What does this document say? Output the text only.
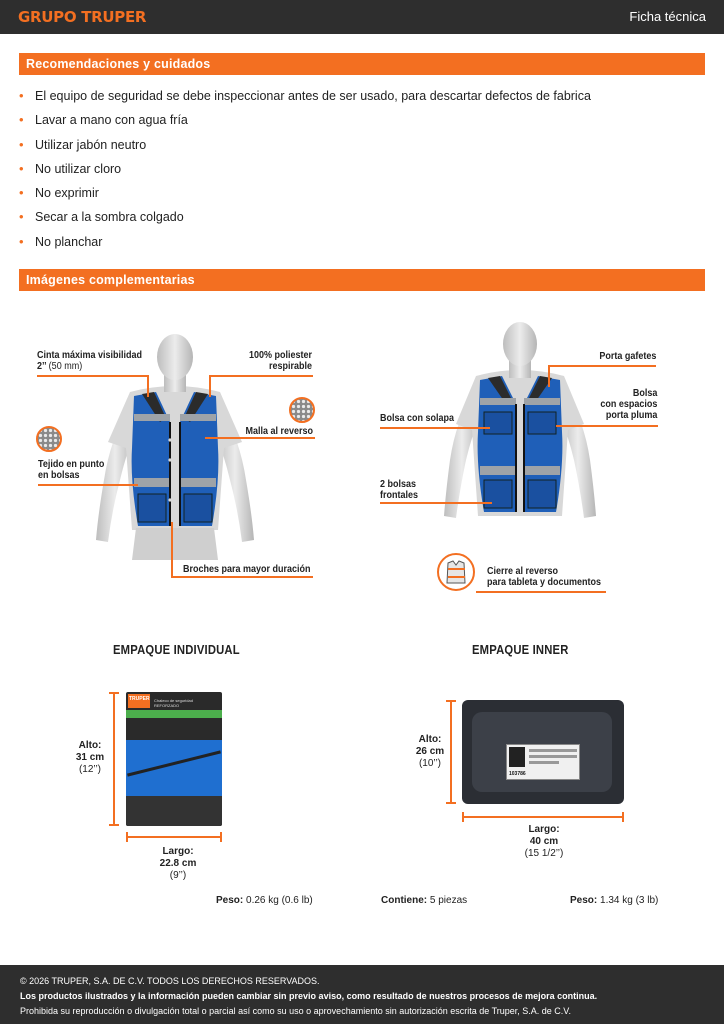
GRUPO TRUPER	Ficha técnica
Recomendaciones y cuidados
• El equipo de seguridad se debe inspeccionar antes de ser usado, para descartar defectos de fabrica
• Lavar a mano con agua fría
• Utilizar jabón neutro
• No utilizar cloro
• No exprimir
• Secar a la sombra colgado
• No planchar
Imágenes complementarias
Cinta máxima visibilidad
2’’ (50 mm)
100% poliester
respirable
Malla al reverso
Tejido en punto
en bolsas
Broches para mayor duración
Porta gafetes
Bolsa
con espacios
porta pluma
Bolsa con solapa
2 bolsas
frontales
Cierre al reverso
para tableta y documentos
EMPAQUE INDIVIDUAL
TRUPER Chaleco de seguridad REFORZADO
Alto:
31 cm
(12’’)
Largo:
22.8 cm
(9’’)
Peso: 0.26 kg (0.6 lb)
EMPAQUE INNER
103786
Alto:
26 cm
(10’’)
Largo:
40 cm
(15 1/2’’)
Contiene: 5 piezas	Peso: 1.34 kg (3 lb)
© 2026 TRUPER, S.A. DE C.V. TODOS LOS DERECHOS RESERVADOS.
Los productos ilustrados y la información pueden cambiar sin previo aviso, como resultado de nuestros procesos de mejora continua.
Prohibida su reproducción o divulgación total o parcial así como su uso o aprovechamiento sin autorización escrita de Truper, S.A. de C.V.
